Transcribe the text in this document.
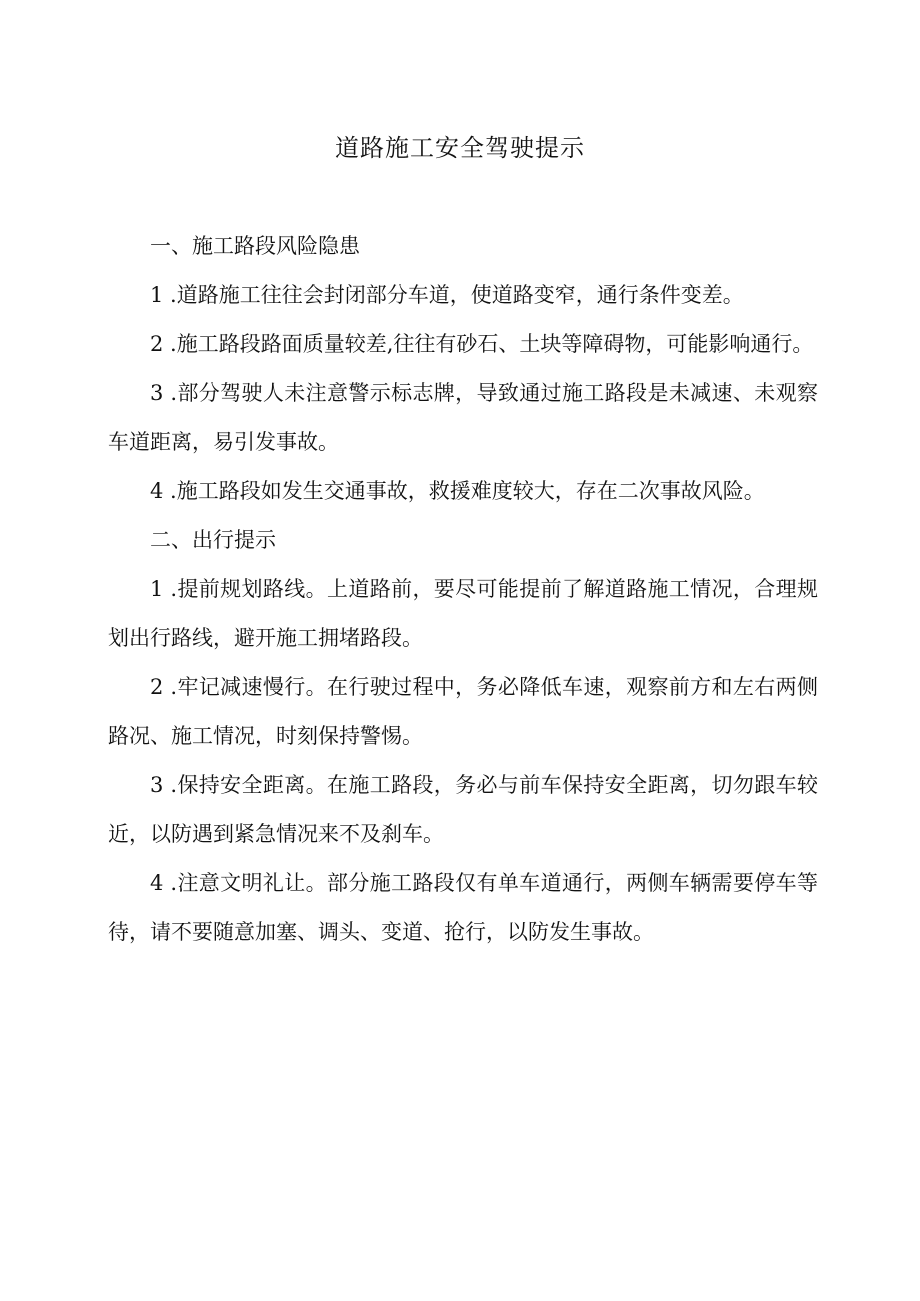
道路施工安全驾驶提示

一、施工路段风险隐患

1 .道路施工往往会封闭部分车道，使道路变窄，通行条件变差。

2 .施工路段路面质量较差,往往有砂石、土块等障碍物，可能影响通行。

3 .部分驾驶人未注意警示标志牌，导致通过施工路段是未减速、未观察车道距离，易引发事故。

4 .施工路段如发生交通事故，救援难度较大，存在二次事故风险。

二、出行提示

1 .提前规划路线。上道路前，要尽可能提前了解道路施工情况，合理规划出行路线，避开施工拥堵路段。

2 .牢记减速慢行。在行驶过程中，务必降低车速，观察前方和左右两侧路况、施工情况，时刻保持警惕。

3 .保持安全距离。在施工路段，务必与前车保持安全距离，切勿跟车较近，以防遇到紧急情况来不及刹车。

4 .注意文明礼让。部分施工路段仅有单车道通行，两侧车辆需要停车等待，请不要随意加塞、调头、变道、抢行，以防发生事故。
